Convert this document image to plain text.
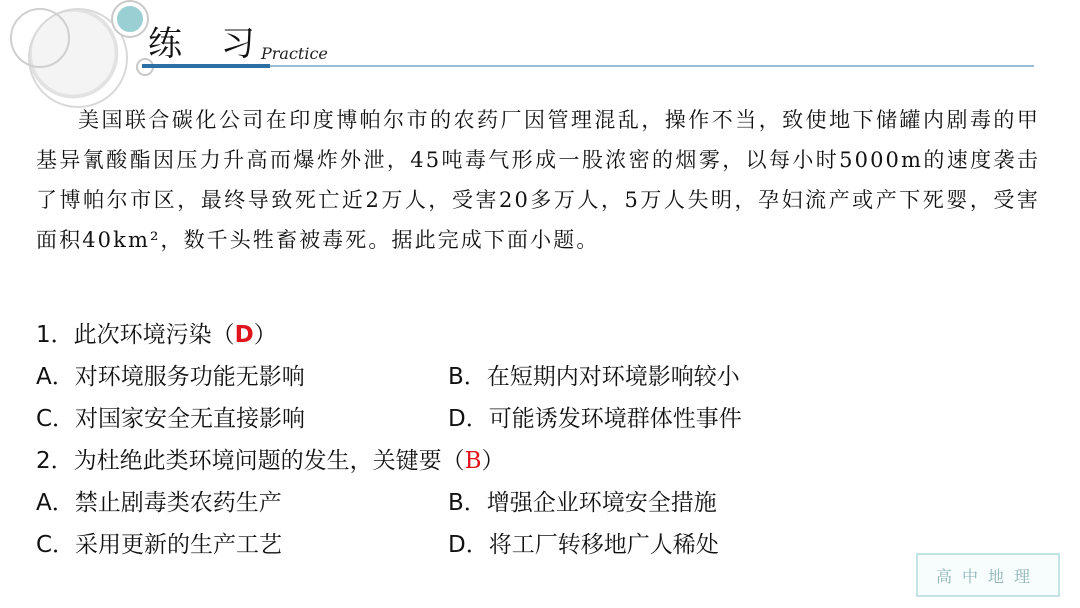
练 习
Practice
美国联合碳化公司在印度博帕尔市的农药厂因管理混乱，操作不当，致使地下储罐内剧毒的甲基异氰酸酯因压力升高而爆炸外泄，45吨毒气形成一股浓密的烟雾，以每小时5000m的速度袭击了博帕尔市区，最终导致死亡近2万人，受害20多万人，5万人失明，孕妇流产或产下死婴，受害面积40km²，数千头牲畜被毒死。据此完成下面小题。
1．此次环境污染（D）
A．对环境服务功能无影响	B．在短期内对环境影响较小
C．对国家安全无直接影响	D．可能诱发环境群体性事件
2．为杜绝此类环境问题的发生，关键要（B）
A．禁止剧毒类农药生产	B．增强企业环境安全措施
C．采用更新的生产工艺	D．将工厂转移地广人稀处
高中地理
